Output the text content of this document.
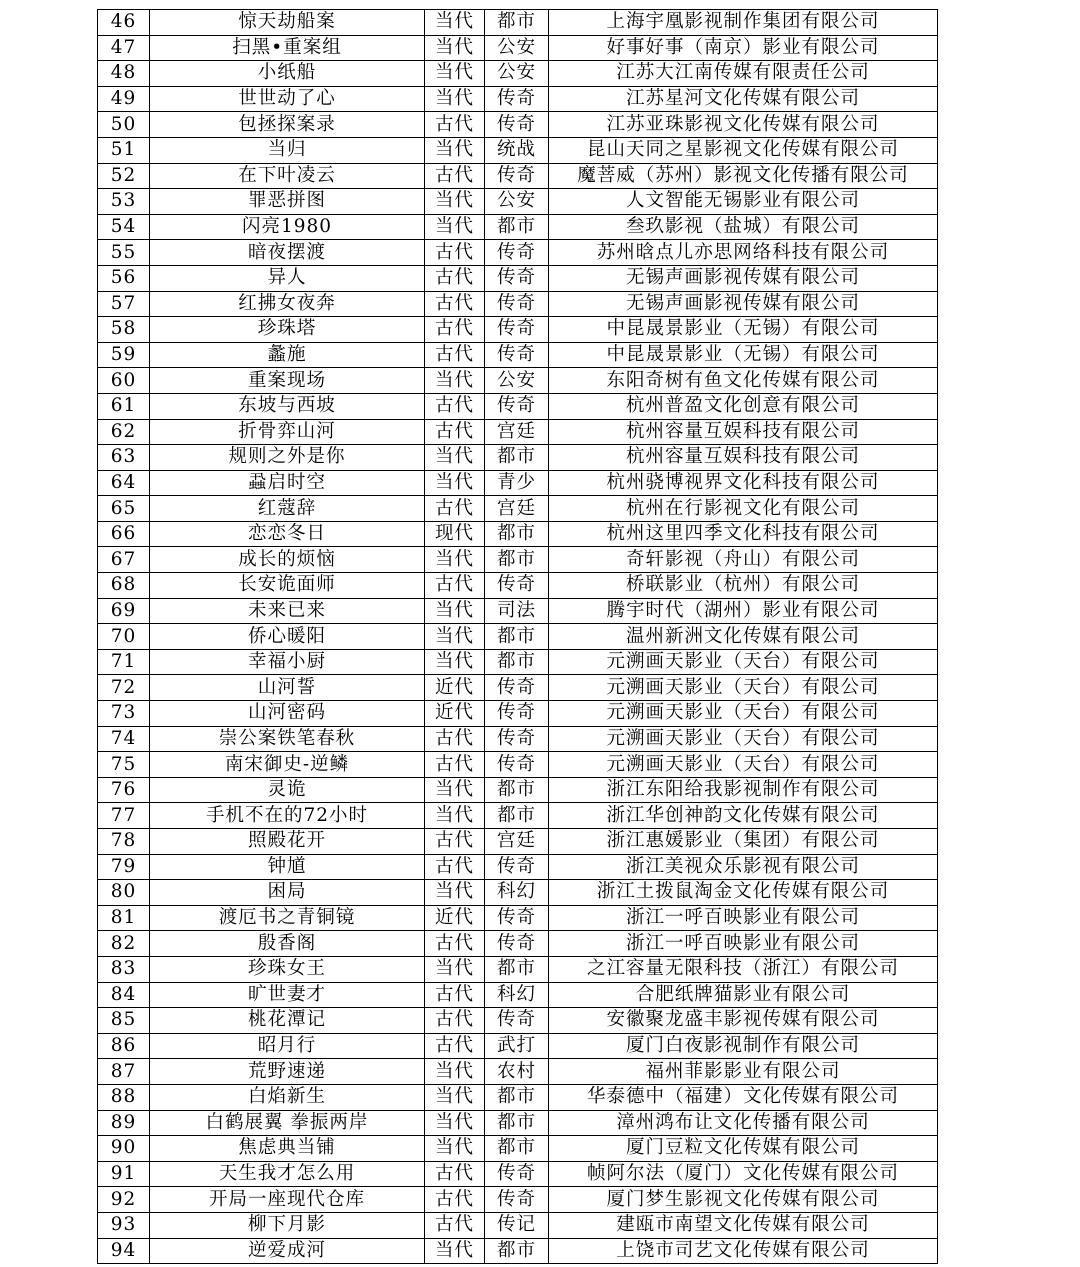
46	惊天劫船案	当代	都市	上海宇凰影视制作集团有限公司
47	扫黑•重案组	当代	公安	好事好事（南京）影业有限公司
48	小纸船	当代	公安	江苏大江南传媒有限责任公司
49	世世动了心	当代	传奇	江苏星河文化传媒有限公司
50	包拯探案录	古代	传奇	江苏亚珠影视文化传媒有限公司
51	当归	当代	统战	昆山天同之星影视文化传媒有限公司
52	在下叶凌云	古代	传奇	魔菩威（苏州）影视文化传播有限公司
53	罪恶拼图	当代	公安	人文智能无锡影业有限公司
54	闪亮1980	当代	都市	叁玖影视（盐城）有限公司
55	暗夜摆渡	古代	传奇	苏州晗点儿亦思网络科技有限公司
56	异人	古代	传奇	无锡声画影视传媒有限公司
57	红拂女夜奔	古代	传奇	无锡声画影视传媒有限公司
58	珍珠塔	古代	传奇	中昆晟景影业（无锡）有限公司
59	蠡施	古代	传奇	中昆晟景影业（无锡）有限公司
60	重案现场	当代	公安	东阳奇树有鱼文化传媒有限公司
61	东坡与西坡	古代	传奇	杭州普盈文化创意有限公司
62	折骨弈山河	古代	宫廷	杭州容量互娱科技有限公司
63	规则之外是你	当代	都市	杭州容量互娱科技有限公司
64	蝨启时空	当代	青少	杭州骁博视界文化科技有限公司
65	红蔻辞	古代	宫廷	杭州在行影视文化有限公司
66	恋恋冬日	现代	都市	杭州这里四季文化科技有限公司
67	成长的烦恼	当代	都市	奇轩影视（舟山）有限公司
68	长安诡面师	古代	传奇	桥联影业（杭州）有限公司
69	未来已来	当代	司法	腾宇时代（湖州）影业有限公司
70	侨心暖阳	当代	都市	温州新洲文化传媒有限公司
71	幸福小厨	当代	都市	元溯画天影业（天台）有限公司
72	山河誓	近代	传奇	元溯画天影业（天台）有限公司
73	山河密码	近代	传奇	元溯画天影业（天台）有限公司
74	崇公案铁笔春秋	古代	传奇	元溯画天影业（天台）有限公司
75	南宋御史-逆鳞	古代	传奇	元溯画天影业（天台）有限公司
76	灵诡	当代	都市	浙江东阳给我影视制作有限公司
77	手机不在的72小时	当代	都市	浙江华创神韵文化传媒有限公司
78	照殿花开	古代	宫廷	浙江惠媛影业（集团）有限公司
79	钟馗	古代	传奇	浙江美视众乐影视有限公司
80	困局	当代	科幻	浙江土拨鼠淘金文化传媒有限公司
81	渡厄书之青铜镜	近代	传奇	浙江一呼百映影业有限公司
82	殷香阁	古代	传奇	浙江一呼百映影业有限公司
83	珍珠女王	当代	都市	之江容量无限科技（浙江）有限公司
84	旷世妻才	古代	科幻	合肥纸牌猫影业有限公司
85	桃花潭记	古代	传奇	安徽聚龙盛丰影视传媒有限公司
86	昭月行	古代	武打	厦门白夜影视制作有限公司
87	荒野速递	当代	农村	福州菲影影业有限公司
88	白焰新生	当代	都市	华泰德中（福建）文化传媒有限公司
89	白鹤展翼 拳振两岸	当代	都市	漳州鸿布让文化传播有限公司
90	焦虑典当铺	当代	都市	厦门豆粒文化传媒有限公司
91	天生我才怎么用	古代	传奇	帧阿尔法（厦门）文化传媒有限公司
92	开局一座现代仓库	古代	传奇	厦门梦生影视文化传媒有限公司
93	柳下月影	古代	传记	建瓯市南望文化传媒有限公司
94	逆爱成河	当代	都市	上饶市司艺文化传媒有限公司
